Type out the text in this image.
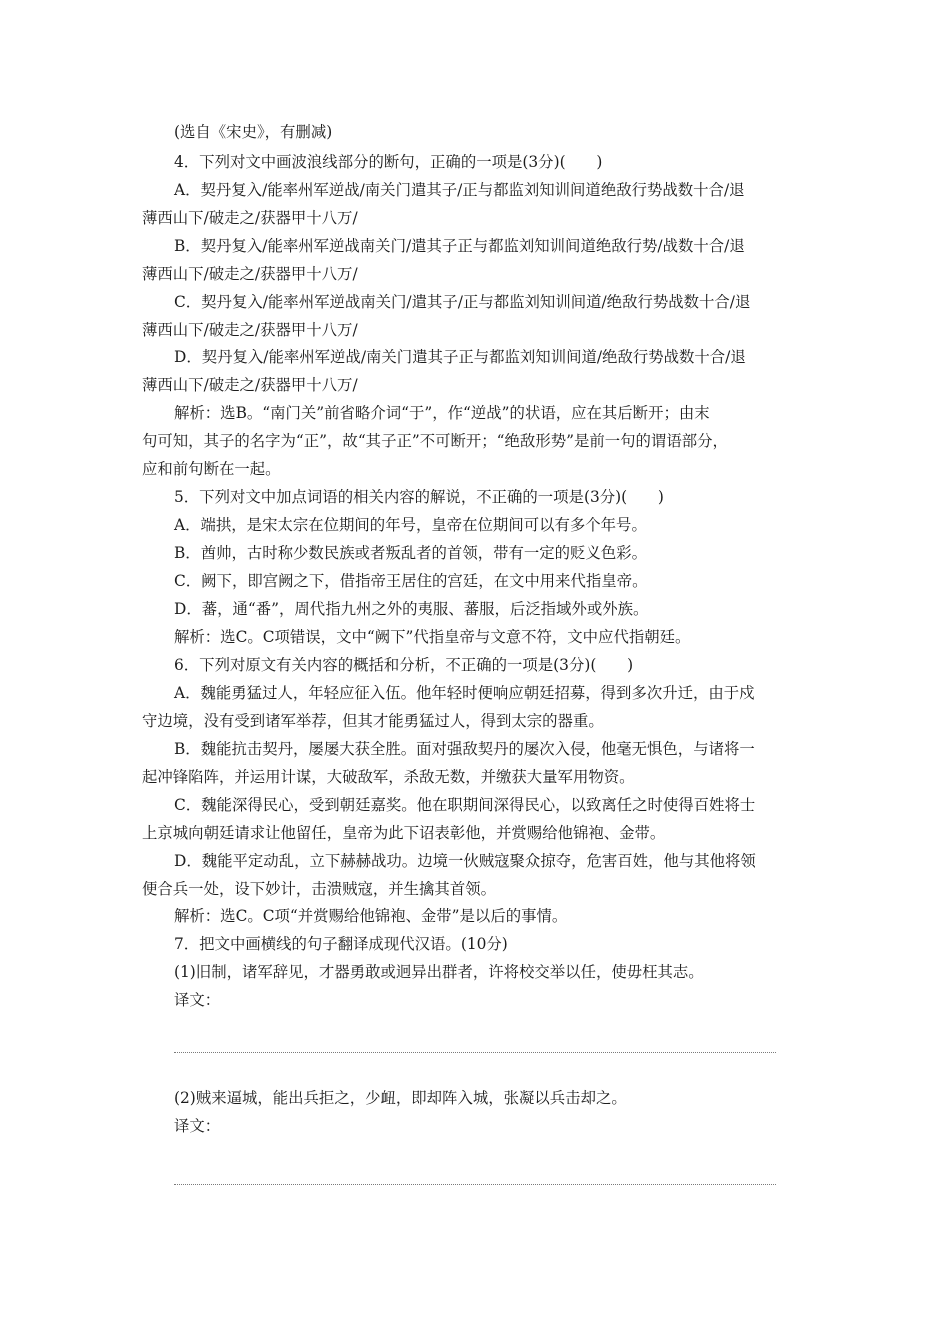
(选自《宋史》，有删减)
4．下列对文中画波浪线部分的断句，正确的一项是(3分)(　　)
A．契丹复入/能率州军逆战/南关门遣其子/正与都监刘知训间道绝敌行势战数十合/退
薄西山下/破走之/获器甲十八万/
B．契丹复入/能率州军逆战南关门/遣其子正与都监刘知训间道绝敌行势/战数十合/退
薄西山下/破走之/获器甲十八万/
C．契丹复入/能率州军逆战南关门/遣其子/正与都监刘知训间道/绝敌行势战数十合/退
薄西山下/破走之/获器甲十八万/
D．契丹复入/能率州军逆战/南关门遣其子正与都监刘知训间道/绝敌行势战数十合/退
薄西山下/破走之/获器甲十八万/
解析：选B。“南门关”前省略介词“于”，作“逆战”的状语，应在其后断开；由末
句可知，其子的名字为“正”，故“其子正”不可断开；“绝敌形势”是前一句的谓语部分，
应和前句断在一起。
5．下列对文中加点词语的相关内容的解说，不正确的一项是(3分)(　　)
A．端拱，是宋太宗在位期间的年号，皇帝在位期间可以有多个年号。
B．酋帅，古时称少数民族或者叛乱者的首领，带有一定的贬义色彩。
C．阙下，即宫阙之下，借指帝王居住的宫廷，在文中用来代指皇帝。
D．蕃，通“番”，周代指九州之外的夷服、蕃服，后泛指域外或外族。
解析：选C。C项错误，文中“阙下”代指皇帝与文意不符，文中应代指朝廷。
6．下列对原文有关内容的概括和分析，不正确的一项是(3分)(　　)
A．魏能勇猛过人，年轻应征入伍。他年轻时便响应朝廷招募，得到多次升迁，由于戍
守边境，没有受到诸军举荐，但其才能勇猛过人，得到太宗的器重。
B．魏能抗击契丹，屡屡大获全胜。面对强敌契丹的屡次入侵，他毫无惧色，与诸将一
起冲锋陷阵，并运用计谋，大破敌军，杀敌无数，并缴获大量军用物资。
C．魏能深得民心，受到朝廷嘉奖。他在职期间深得民心，以致离任之时使得百姓将士
上京城向朝廷请求让他留任，皇帝为此下诏表彰他，并赏赐给他锦袍、金带。
D．魏能平定动乱，立下赫赫战功。边境一伙贼寇聚众掠夺，危害百姓，他与其他将领
便合兵一处，设下妙计，击溃贼寇，并生擒其首领。
解析：选C。C项“并赏赐给他锦袍、金带”是以后的事情。
7．把文中画横线的句子翻译成现代汉语。(10分)
(1)旧制，诸军辞见，才器勇敢或迥异出群者，许将校交举以任，使毋枉其志。
译文：
(2)贼来逼城，能出兵拒之，少衄，即却阵入城，张凝以兵击却之。
译文：
